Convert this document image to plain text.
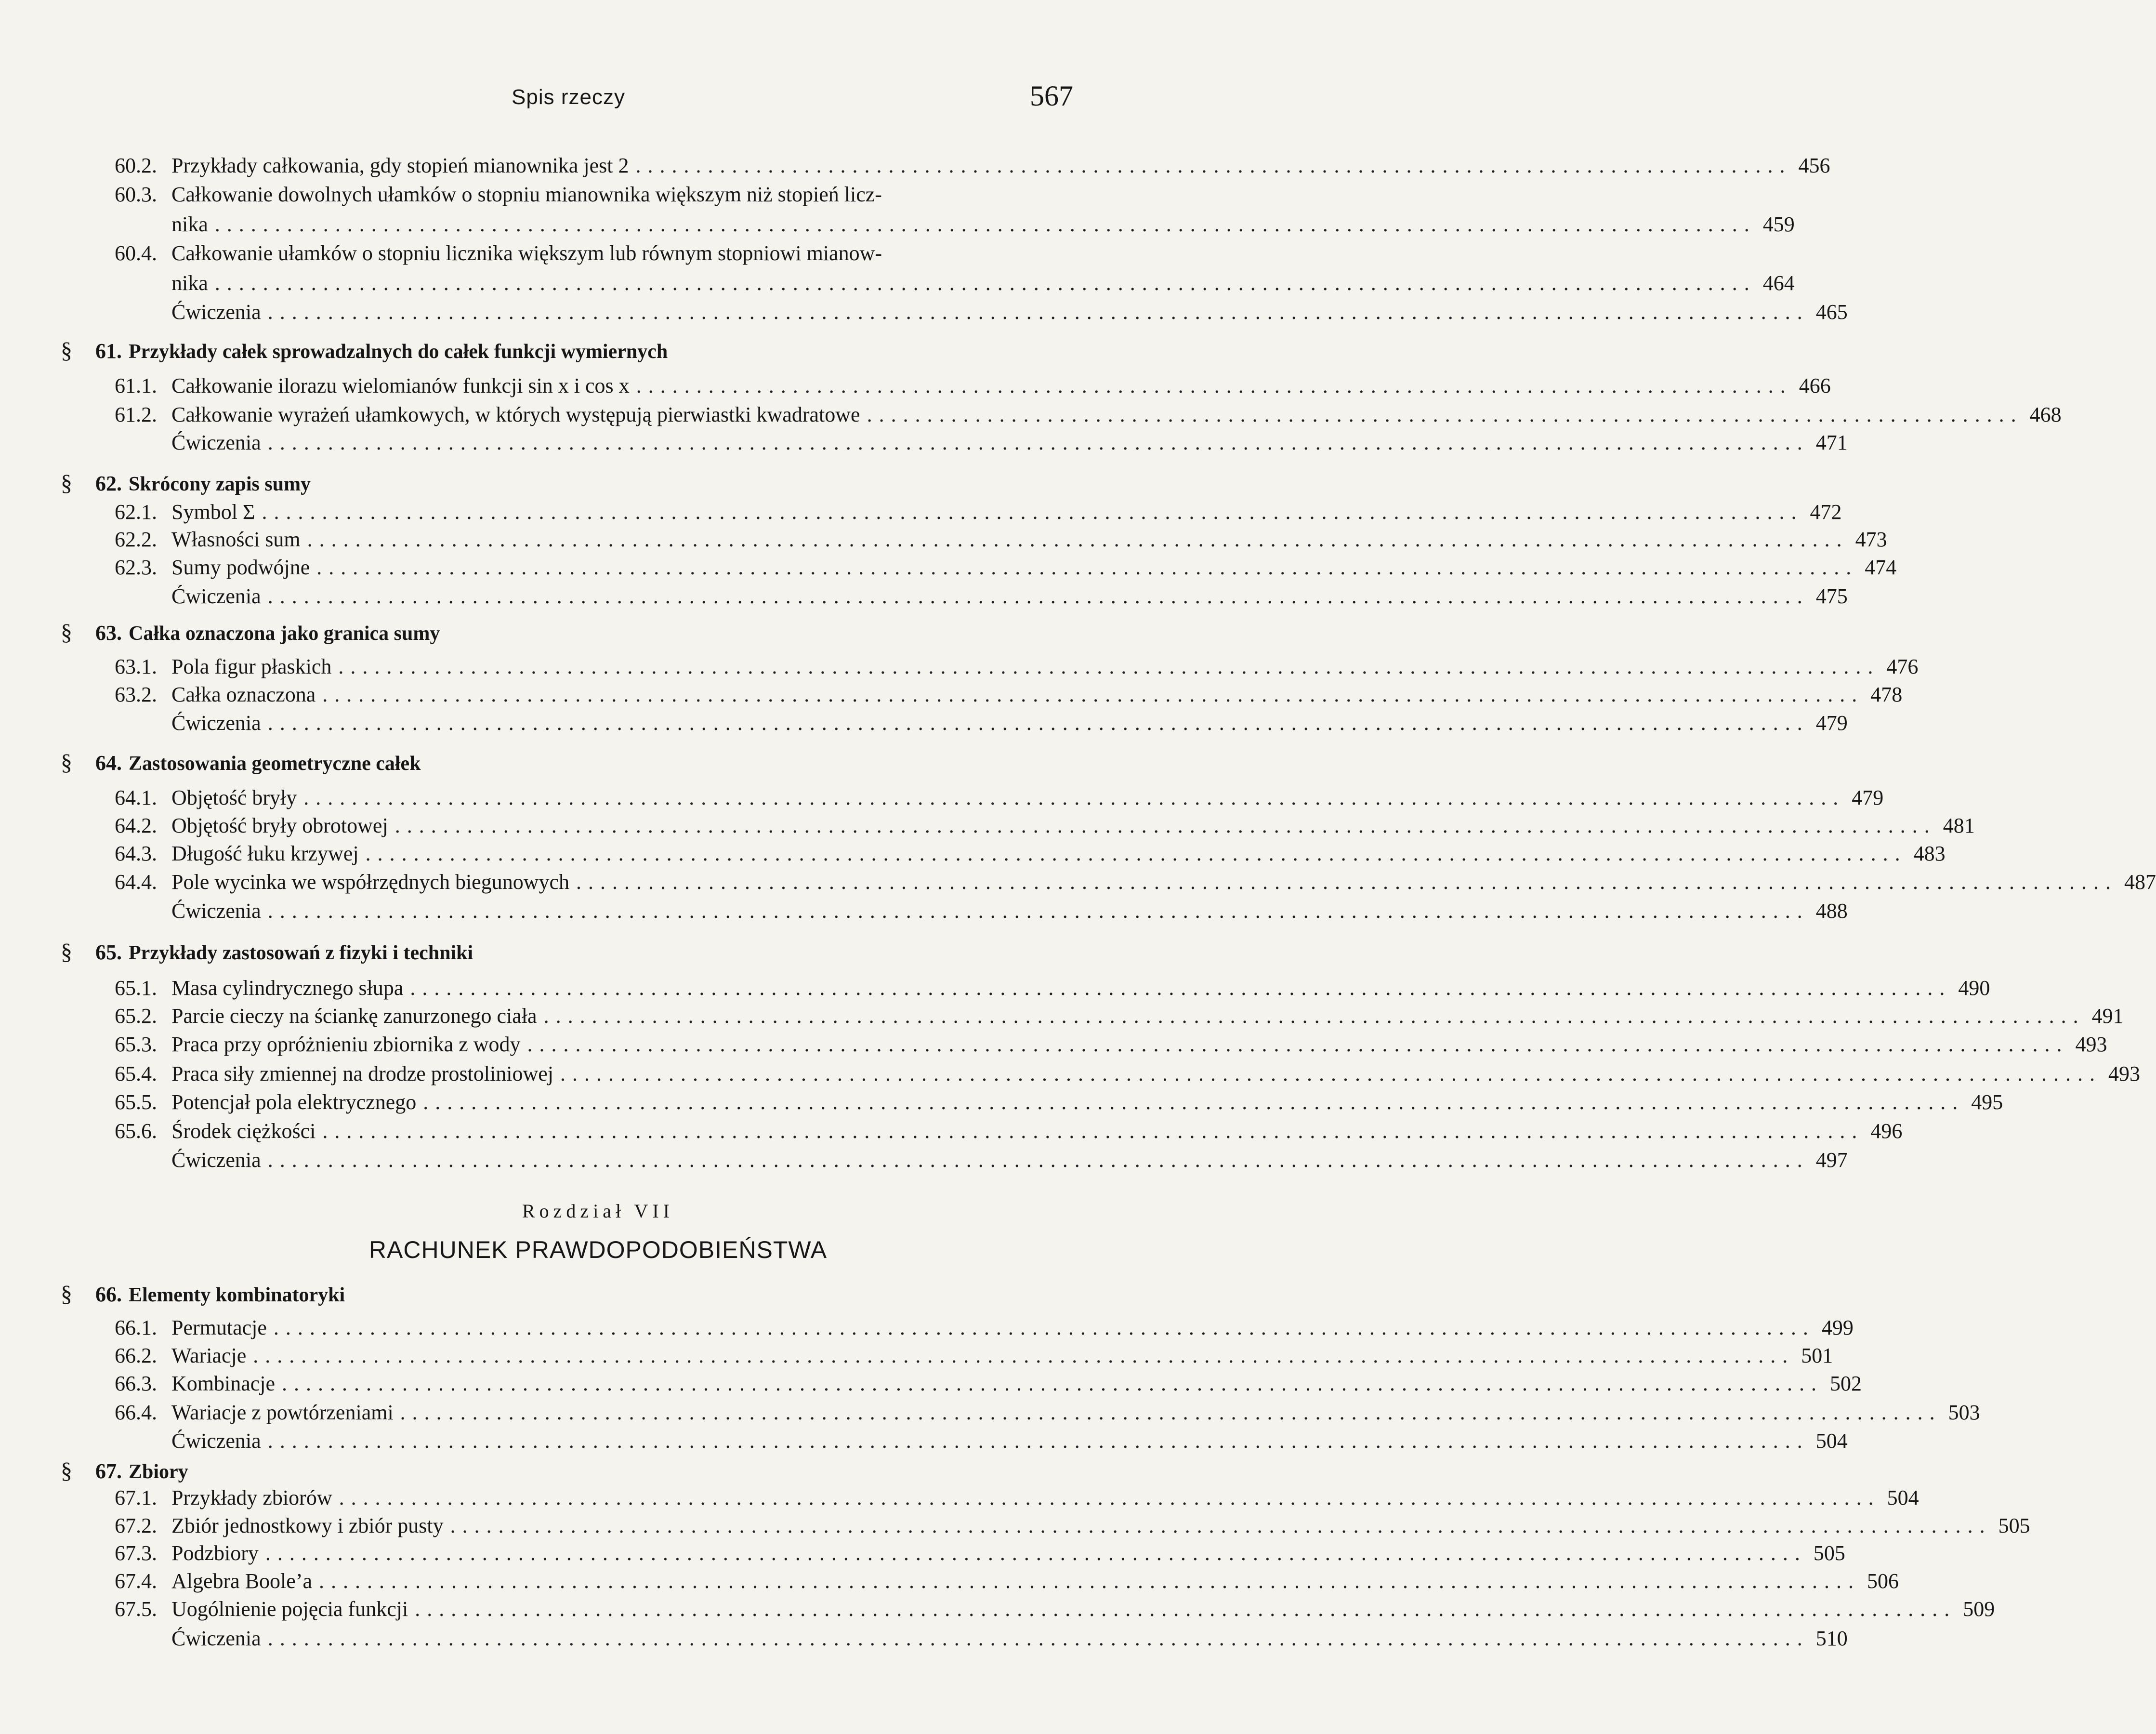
Spis rzeczy	567
60.2. Przykłady całkowania, gdy stopień mianownika jest 2 ................................................................................................ 456
60.3. Całkowanie dowolnych ułamków o stopniu mianownika większym niż stopień licz-
nika ................................................................................................................................ 459
60.4. Całkowanie ułamków o stopniu licznika większym lub równym stopniowi mianow-
nika ................................................................................................................................ 464
Ćwiczenia ................................................................................................................................ 465
§	61. Przykłady całek sprowadzalnych do całek funkcji wymiernych
61.1. Całkowanie ilorazu wielomianów funkcji sin x i cos x ................................................................................................ 466
61.2. Całkowanie wyrażeń ułamkowych, w których występują pierwiastki kwadratowe ................................................................................................ 468
Ćwiczenia ................................................................................................................................ 471
§	62. Skrócony zapis sumy
62.1. Symbol Σ ................................................................................................................................ 472
62.2. Własności sum ................................................................................................................................ 473
62.3. Sumy podwójne ................................................................................................................................ 474
Ćwiczenia ................................................................................................................................ 475
§	63. Całka oznaczona jako granica sumy
63.1. Pola figur płaskich ................................................................................................................................ 476
63.2. Całka oznaczona ................................................................................................................................ 478
Ćwiczenia ................................................................................................................................ 479
§	64. Zastosowania geometryczne całek
64.1. Objętość bryły ................................................................................................................................ 479
64.2. Objętość bryły obrotowej ................................................................................................................................ 481
64.3. Długość łuku krzywej ................................................................................................................................ 483
64.4. Pole wycinka we współrzędnych biegunowych ................................................................................................................................ 487
Ćwiczenia ................................................................................................................................ 488
§	65. Przykłady zastosowań z fizyki i techniki
65.1. Masa cylindrycznego słupa ................................................................................................................................ 490
65.2. Parcie cieczy na ściankę zanurzonego ciała ................................................................................................................................ 491
65.3. Praca przy opróżnieniu zbiornika z wody ................................................................................................................................ 493
65.4. Praca siły zmiennej na drodze prostoliniowej ................................................................................................................................ 493
65.5. Potencjał pola elektrycznego ................................................................................................................................ 495
65.6. Środek ciężkości ................................................................................................................................ 496
Ćwiczenia ................................................................................................................................ 497
Rozdział VII
RACHUNEK PRAWDOPODOBIEŃSTWA
§	66. Elementy kombinatoryki
66.1. Permutacje ................................................................................................................................ 499
66.2. Wariacje ................................................................................................................................ 501
66.3. Kombinacje ................................................................................................................................ 502
66.4. Wariacje z powtórzeniami ................................................................................................................................ 503
Ćwiczenia ................................................................................................................................ 504
§	67. Zbiory
67.1. Przykłady zbiorów ................................................................................................................................ 504
67.2. Zbiór jednostkowy i zbiór pusty ................................................................................................................................ 505
67.3. Podzbiory ................................................................................................................................ 505
67.4. Algebra Boole’a ................................................................................................................................ 506
67.5. Uogólnienie pojęcia funkcji ................................................................................................................................ 509
Ćwiczenia ................................................................................................................................ 510
